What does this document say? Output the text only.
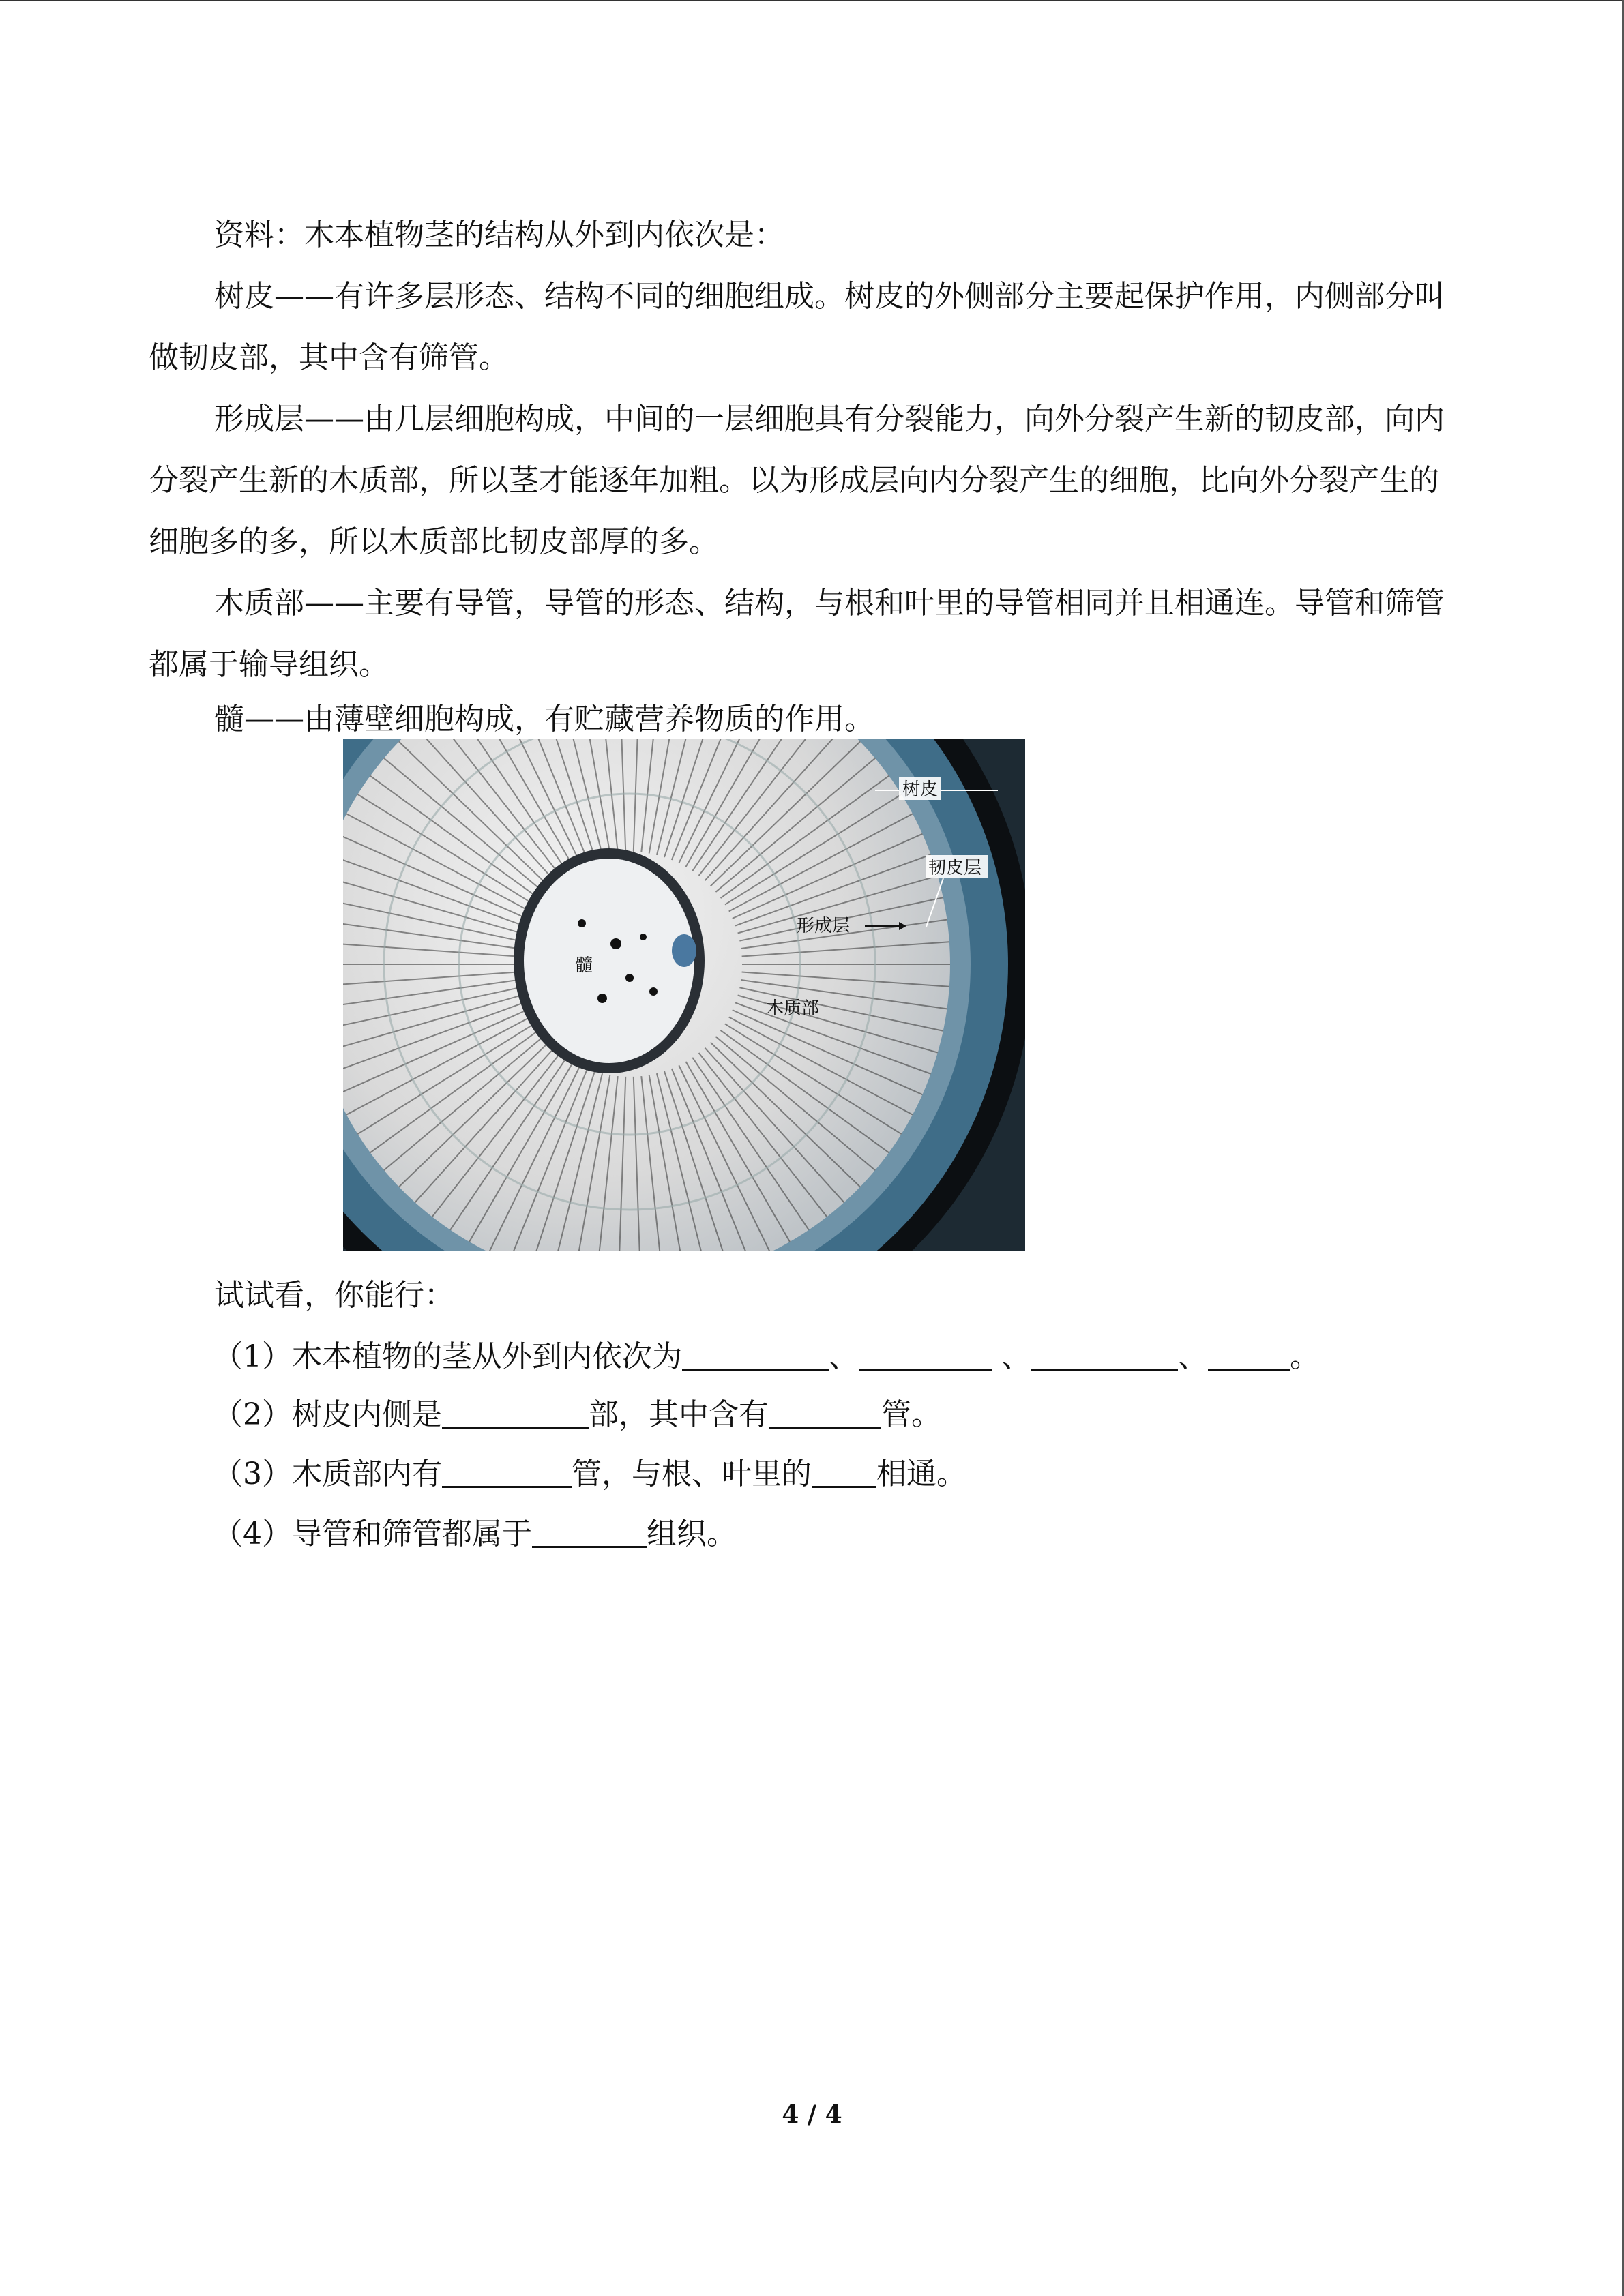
资料：木本植物茎的结构从外到内依次是：

树皮——有许多层形态、结构不同的细胞组成。树皮的外侧部分主要起保护作用，内侧部分叫做韧皮部，其中含有筛管。

形成层——由几层细胞构成，中间的一层细胞具有分裂能力，向外分裂产生新的韧皮部，向内分裂产生新的木质部，所以茎才能逐年加粗。以为形成层向内分裂产生的细胞，比向外分裂产生的细胞多的多，所以木质部比韧皮部厚的多。

木质部——主要有导管，导管的形态、结构，与根和叶里的导管相同并且相通连。导管和筛管都属于输导组织。

髓——由薄壁细胞构成，有贮藏营养物质的作用。

树皮
韧皮层
形成层
木质部
髓

试试看，你能行：

（1）木本植物的茎从外到内依次为	、	、	、	。
（2）树皮内侧是	部，其中含有	管。
（3）木质部内有	管，与根、叶里的 相通。
（4）导管和筛管都属于	组织。
4 / 4
